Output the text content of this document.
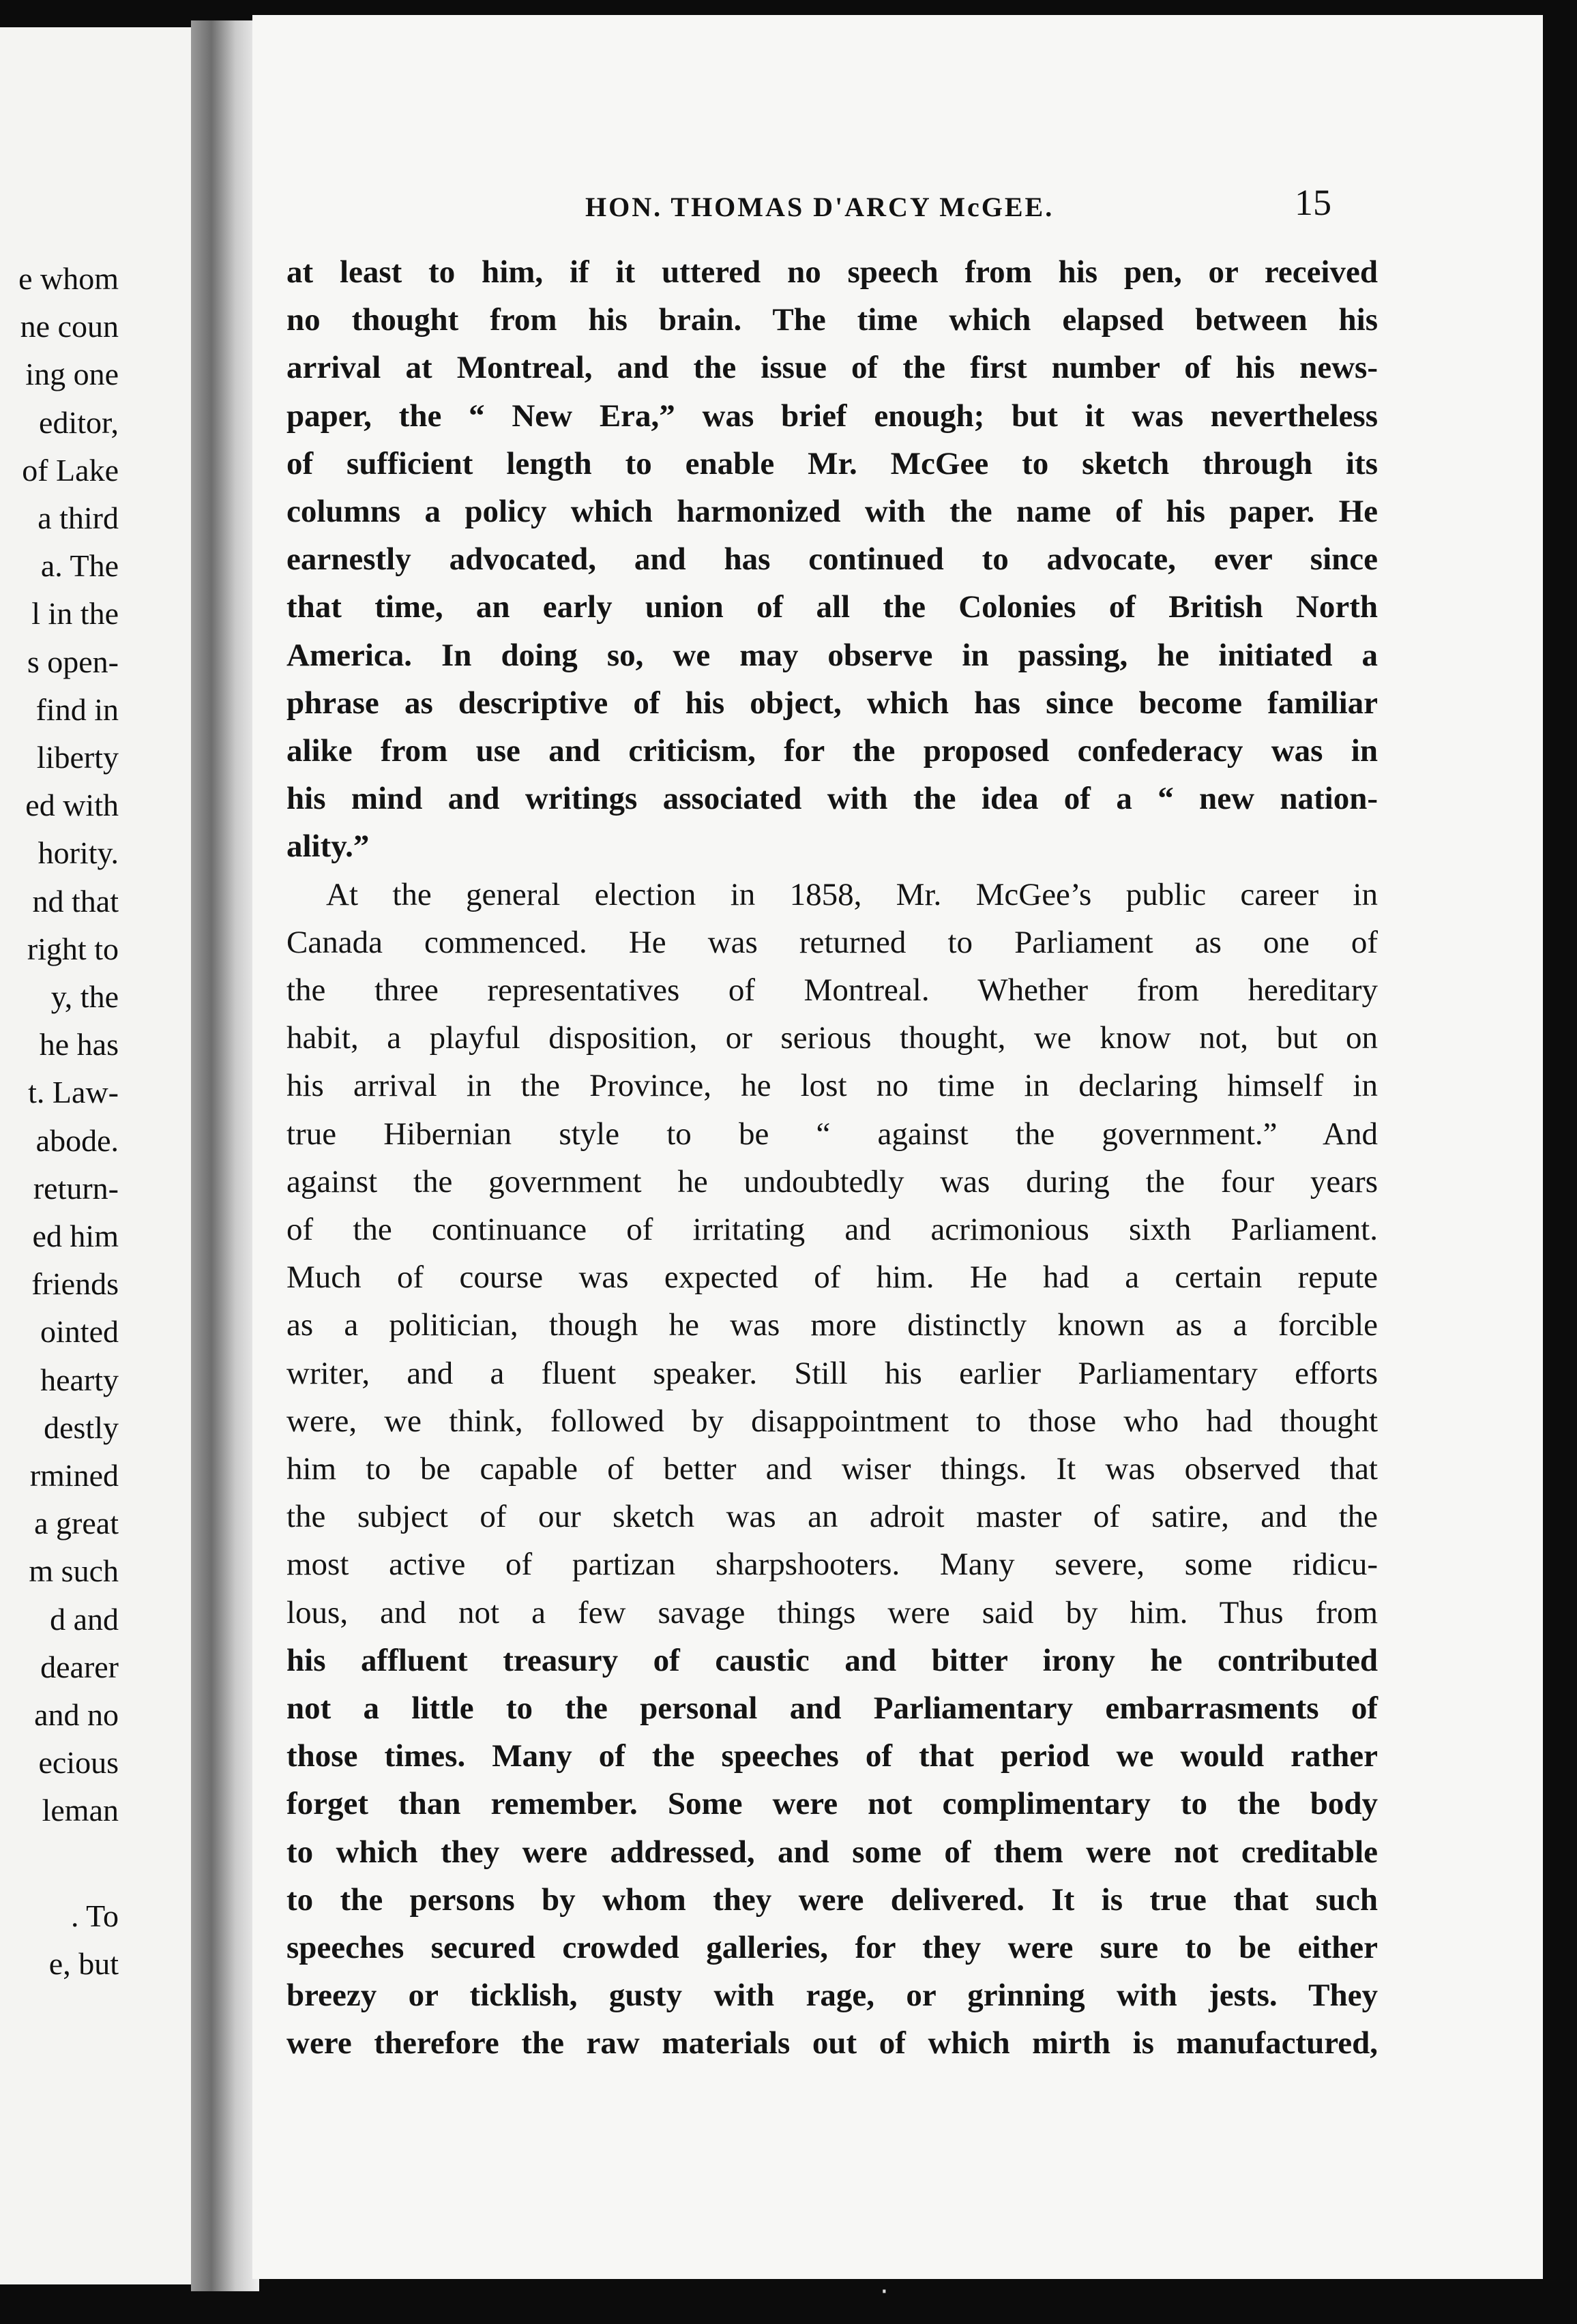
e whom
ne coun
ing one
editor,
of Lake
a third
a. The
l in the
s open-
find in
liberty
ed with
hority.
nd that
right to
y, the
he has
t. Law-
abode.
return-
ed him
friends
ointed
hearty
destly
rmined
a great
m such
d and
dearer
and no
ecious
leman
. To
e, but
HON. THOMAS D'ARCY McGEE.	15
at least to him, if it uttered no speech from his pen, or received
no thought from his brain. The time which elapsed between his
arrival at Montreal, and the issue of the first number of his news-
paper, the “ New Era,” was brief enough; but it was nevertheless
of sufficient length to enable Mr. McGee to sketch through its
columns a policy which harmonized with the name of his paper. He
earnestly advocated, and has continued to advocate, ever since
that time, an early union of all the Colonies of British North
America. In doing so, we may observe in passing, he initiated a
phrase as descriptive of his object, which has since become familiar
alike from use and criticism, for the proposed confederacy was in
his mind and writings associated with the idea of a “ new nation-
ality.”
At the general election in 1858, Mr. McGee’s public career in
Canada commenced. He was returned to Parliament as one of
the three representatives of Montreal. Whether from hereditary
habit, a playful disposition, or serious thought, we know not, but on
his arrival in the Province, he lost no time in declaring himself in
true Hibernian style to be “ against the government.” And
against the government he undoubtedly was during the four years
of the continuance of irritating and acrimonious sixth Parliament.
Much of course was expected of him. He had a certain repute
as a politician, though he was more distinctly known as a forcible
writer, and a fluent speaker. Still his earlier Parliamentary efforts
were, we think, followed by disappointment to those who had thought
him to be capable of better and wiser things. It was observed that
the subject of our sketch was an adroit master of satire, and the
most active of partizan sharpshooters. Many severe, some ridicu-
lous, and not a few savage things were said by him. Thus from
his affluent treasury of caustic and bitter irony he contributed
not a little to the personal and Parliamentary embarrasments of
those times. Many of the speeches of that period we would rather
forget than remember. Some were not complimentary to the body
to which they were addressed, and some of them were not creditable
to the persons by whom they were delivered. It is true that such
speeches secured crowded galleries, for they were sure to be either
breezy or ticklish, gusty with rage, or grinning with jests. They
were therefore the raw materials out of which mirth is manufactured,
·
